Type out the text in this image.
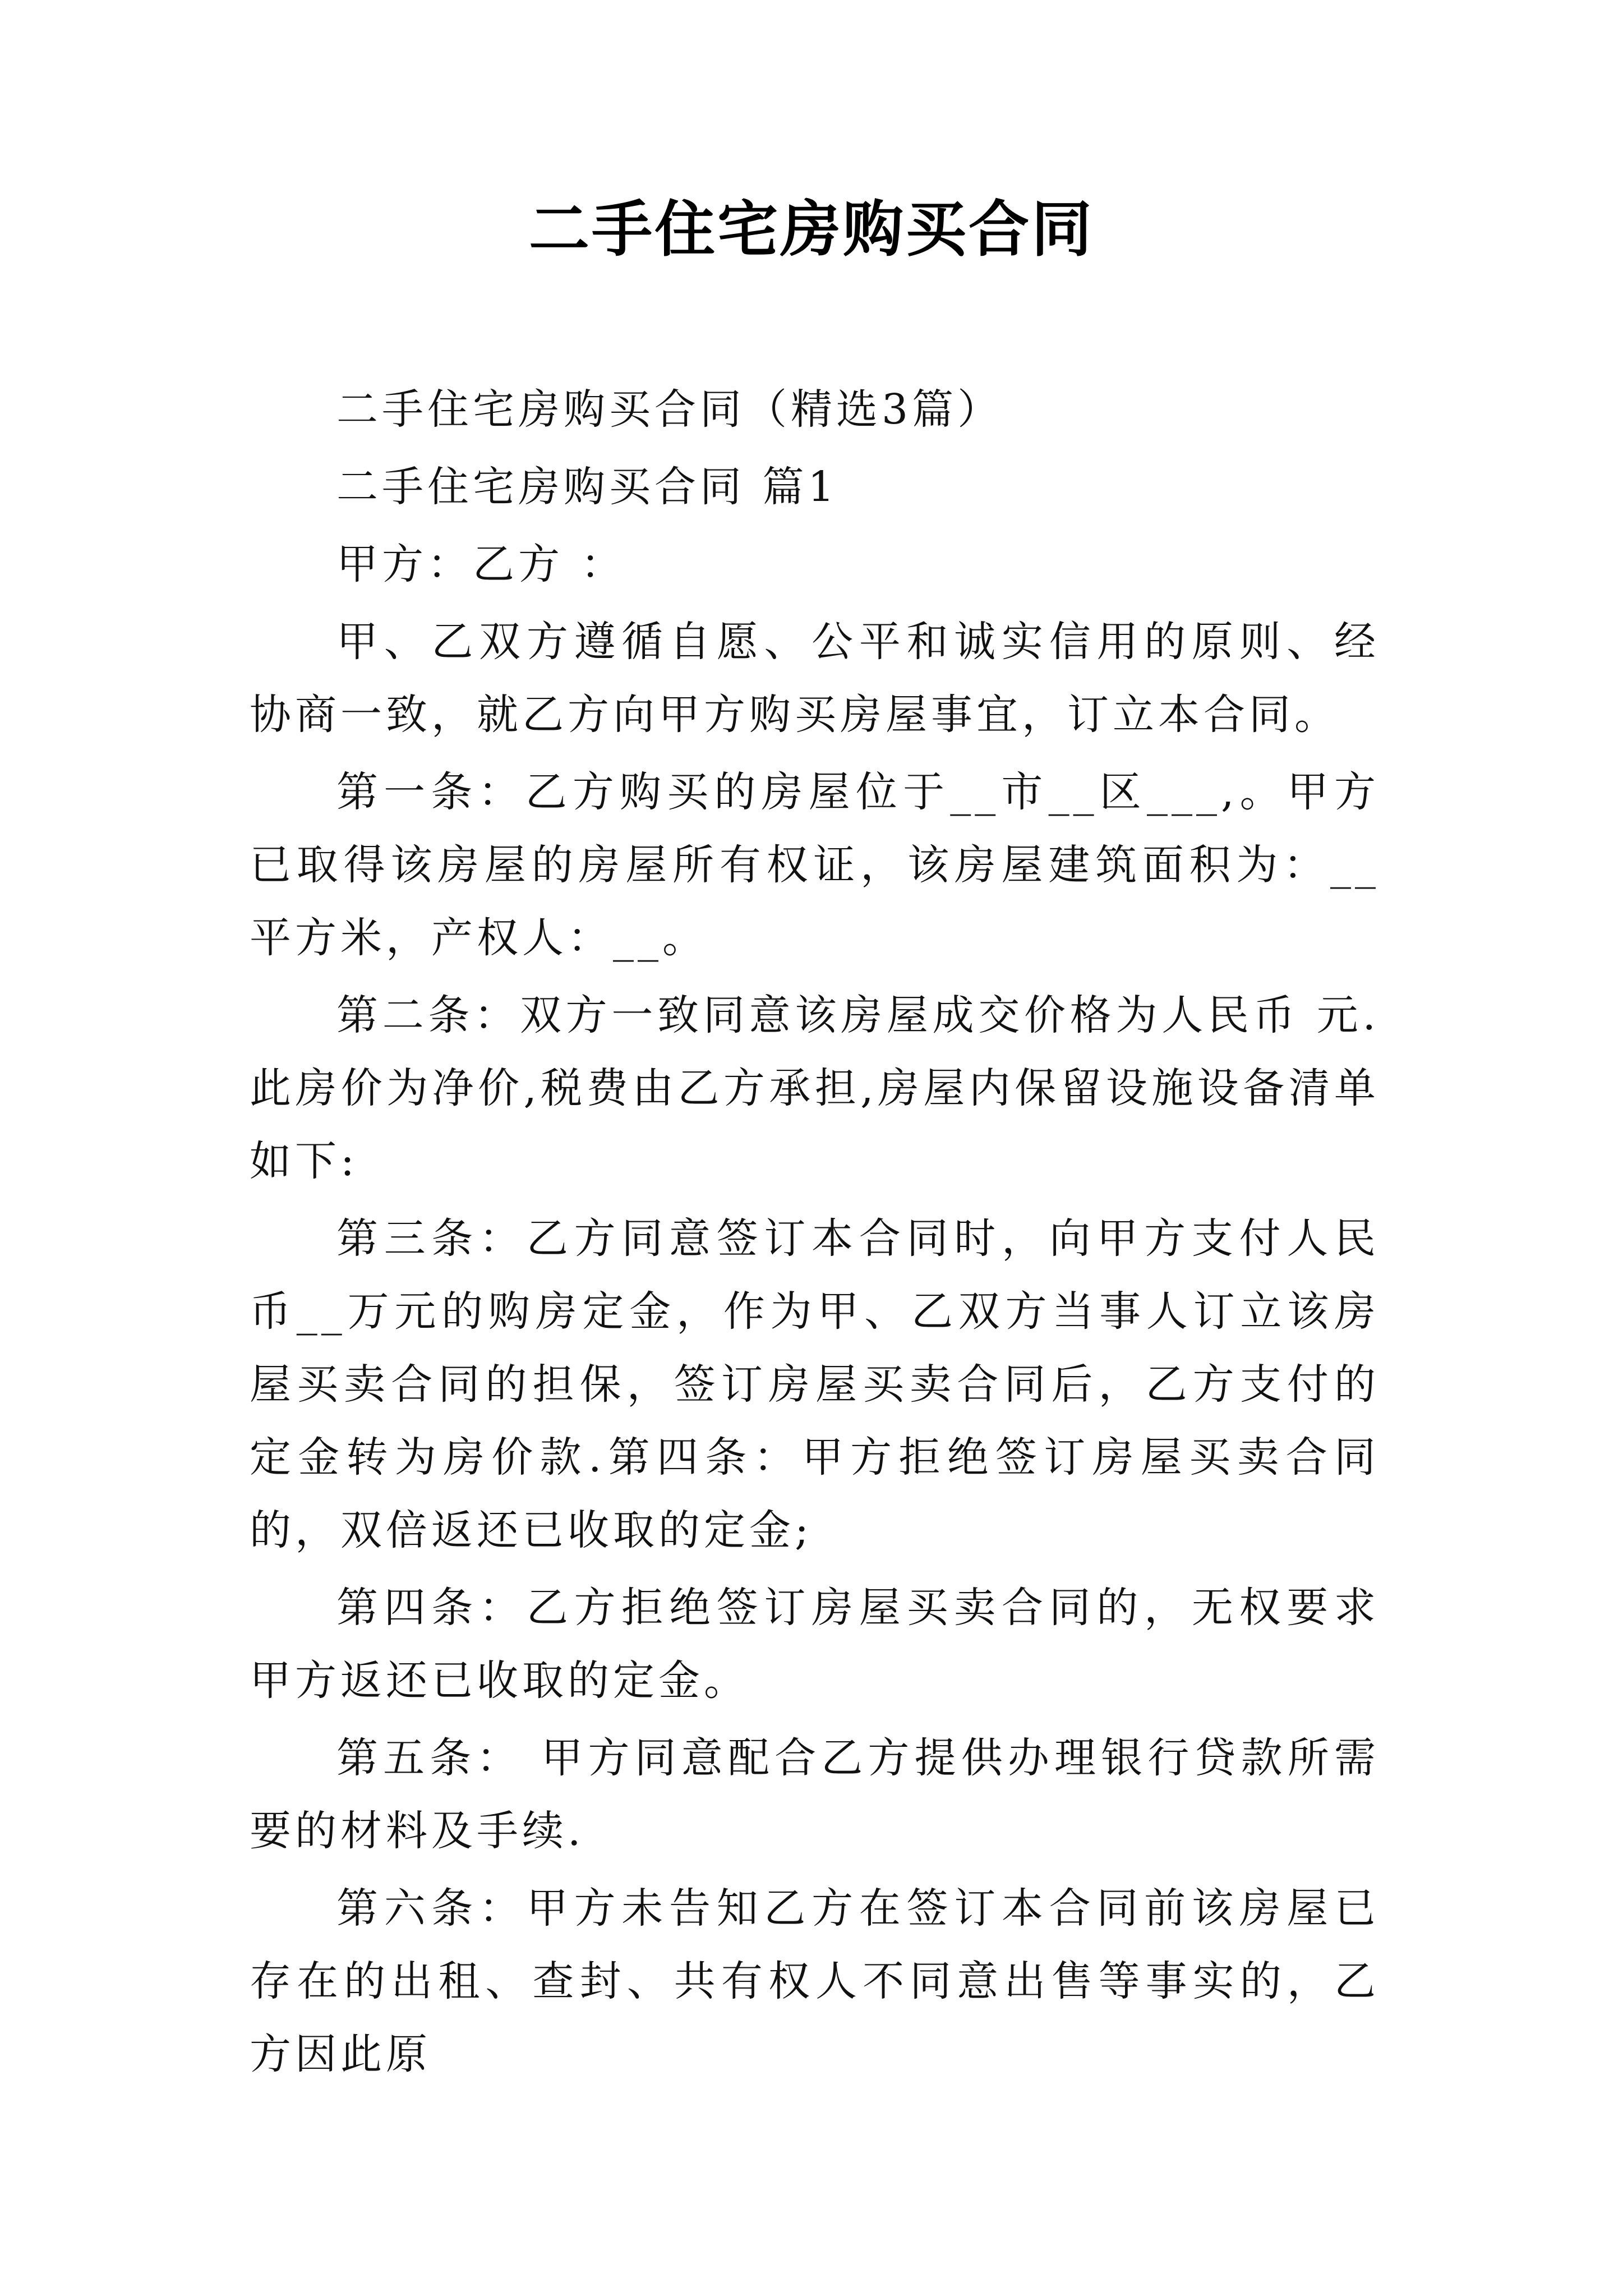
二手住宅房购买合同

二手住宅房购买合同（精选3篇）

二手住宅房购买合同 篇1

甲方：乙方 ：

甲、乙双方遵循自愿、公平和诚实信用的原则、经协商一致，就乙方向甲方购买房屋事宜，订立本合同。

第一条：乙方购买的房屋位于__市__区___,。甲方已取得该房屋的房屋所有权证，该房屋建筑面积为：__平方米，产权人：__。

第二条：双方一致同意该房屋成交价格为人民币 元.此房价为净价,税费由乙方承担,房屋内保留设施设备清单如下:

第三条：乙方同意签订本合同时，向甲方支付人民币__万元的购房定金，作为甲、乙双方当事人订立该房屋买卖合同的担保，签订房屋买卖合同后，乙方支付的定金转为房价款.第四条：甲方拒绝签订房屋买卖合同的，双倍返还已收取的定金;

第四条：乙方拒绝签订房屋买卖合同的，无权要求甲方返还已收取的定金。

第五条： 甲方同意配合乙方提供办理银行贷款所需要的材料及手续.

第六条：甲方未告知乙方在签订本合同前该房屋已存在的出租、查封、共有权人不同意出售等事实的，乙方因此原
